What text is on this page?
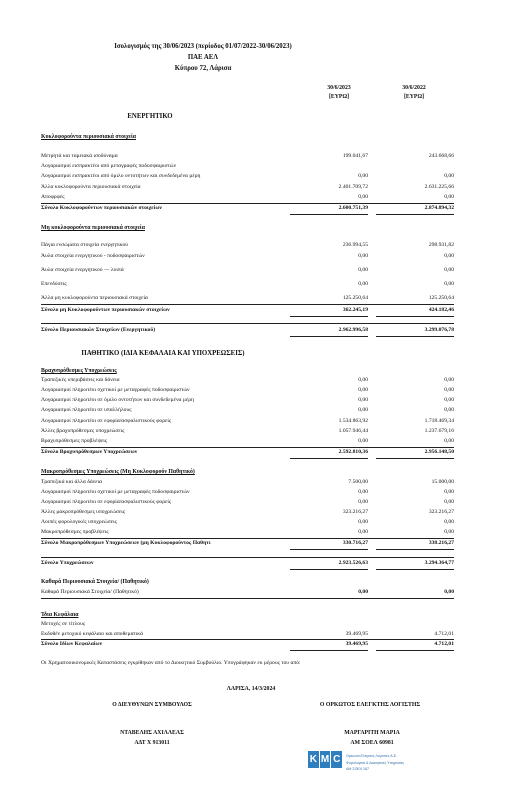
Ισολογισμός της 30/06/2023 (περίοδος 01/07/2022-30/06/2023)
ΠΑΕ ΑΕΛ
Κύπρου 72, Λάρισα
30/6/2023
[ΕΥΡΩ]
30/6/2022
[ΕΥΡΩ]
ΕΝΕΡΓΗΤΙΚΟ
Κυκλοφορούντα περιουσιακά στοιχεία
Μετρητά και ταμειακά ισοδύναμα	199.041,67	243.668,66
Λογαριασμοί εισπρακτέοι από μεταγραφές ποδοσφαιριστών
Λογαριασμοί εισπρακτέοι από όμιλο οντοτήτων και συνδεδεμένα μέρη	0,00	0,00
Άλλα κυκλοφορούντα περιουσιακά στοιχεία	2.401.709,72	2.631.225,66
Αποφρφές	0,00	0,00
Σύνολο Κυκλοφορούντων περιουσιακών στοιχείων	2.600.751,39	2.874.894,32
Μη κυκλοφορούντα περιουσιακά στοιχεία
Πάγια ενσώματα στοιχεία ενεργητικού	236.994,55	298.931,82
Άυλα στοιχεία ενεργητικού - ποδοσφαιριστών	0,00	0,00
Άυλα στοιχεία ενεργητικού — λοιπά	0,00	0,00
Επενδύσεις	0,00	0,00
Άλλα μη κυκλοφορούντα περιουσιακά στοιχεία	125.250,64	125.250,64
Σύνολο μη Κυκλοφορούντων περιουσιακών στοιχείων	362.245,19	424.182,46
Σύνολο Περιουσιακών Στοιχείων (Ενεργητικού)	2.962.996,58	3.299.076,78
ΠΑΘΗΤΙΚΟ (ΙΔΙΑ ΚΕΦΑΛΑΙΑ ΚΑΙ ΥΠΟΧΡΕΩΣΕΙΣ)
Βραχυπρόθεσμες Υποχρεώσεις
Τραπεζικές υπεριβάσεις και δάνεια	0,00	0,00
Λογαριασμοί πληρωτέοι σχετικοί με μεταγραφές ποδοσφαιριστών	0,00	0,00
Λογαριασμοί πληρωτέοι σε όμιλο οντοτήτων και συνδεδεμένα μέρη	0,00	0,00
Λογαριασμοί πληρωτέοι σε υπαλλήλους	0,00	0,00
Λογαριασμοί πληρωτέοι σε εφορία/ασφαλιστικούς φορείς	1.534.863,92	1.718.469,34
Άλλες βραχυπρόθεσμες υποχρεώσεις	1.057.946,44	1.237.679,16
Βραχυπρόθεσμες προβλέψεις	0,00	0,00
Σύνολο Βραχυπρόθεσμων Υποχρεώσεων	2.592.810,36	2.956.148,50
Μακροπρόθεσμες Υποχρεώσεις (Μη Κυκλοφορούν Παθητικό)
Τραπεζικά και άλλα δάνεια	7.500,00	15.000,00
Λογαριασμοί πληρωτέοι σχετικοί με μεταγραφές ποδοσφαιριστών	0,00	0,00
Λογαριασμοί πληρωτέοι σε εφορία/ασφαλιστικούς φορείς	0,00	0,00
Άλλες μακροπρόθεσμες υποχρεώσεις	323.216,27	323.216,27
Λοιπές φορολογικές υποχρεώσεις	0,00	0,00
Μακροπρόθεσμες προβλέψεις	0,00	0,00
Σύνολο Μακροπρόθεσμων Υποχρεώσεων (μη Κυκλοφορούντος Παθητι	330.716,27	338.216,27
Σύνολο Υποχρεώσεων	2.923.526,63	3.294.364,77
Καθαρά Περιουσιακά Στοιχεία/ (Παθητικό)
Καθαρά Περιουσιακά Στοιχεία/ (Παθητικό)	0,00	0,00
Ίδια Κεφάλαια
Μετοχές σε τίτλους
Εκδοθέν μετοχικό κεφάλαιο και αποθεματικά	39.469,95	4.712,01
Σύνολο Ιδίων Κεφαλαίων	39.469,95	4.712,01
Οι Χρηματοοικονομικές Καταστάσεις εγκρίθηκαν από το Διοικητικό Συμβούλιο. Υπογράφηκαν εκ μέρους του από:
ΛΑΡΙΣΑ, 14/3/2024
Ο ΔΙΕΥΘΥΝΩΝ ΣΥΜΒΟΥΛΟΣ	Ο ΟΡΚΩΤΟΣ ΕΛΕΓΚΤΗΣ ΛΟΓΙΣΤΗΣ
ΝΤΑΒΕΛΗΣ ΑΧΙΛΛΕΑΣ
ΑΔΤ Χ 913011
ΜΑΡΓΑΡΙΤΗ ΜΑΡΙΑ
ΑΜ ΣΟΕΛ 60981
K M C	Ορκωτοί Ελεγκτές Λογιστές Α.Ε.
Φορολογικά & Διοικητικές Υπηρεσίες
ΑΜ ΣΟΕΛ 167
